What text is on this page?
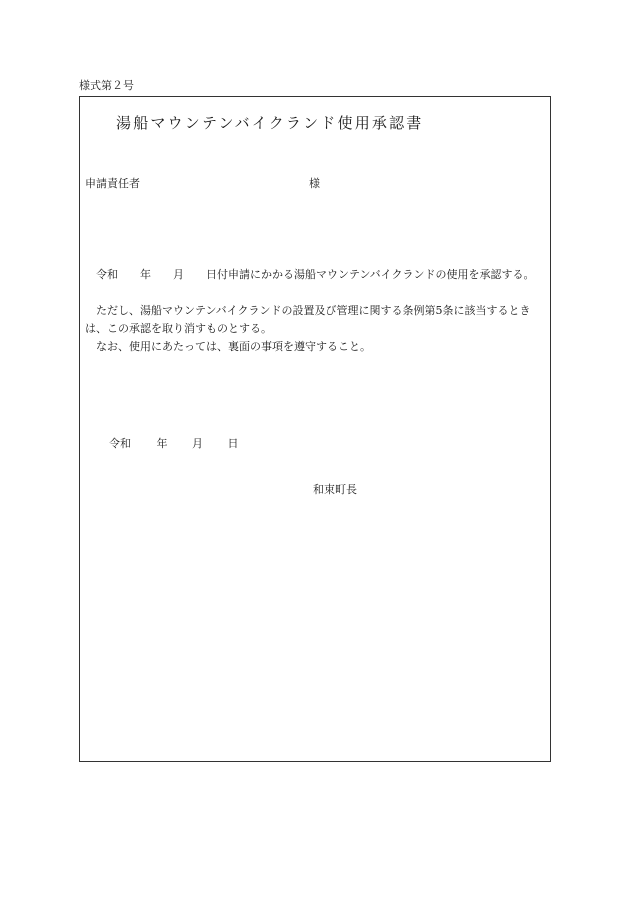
様式第２号
湯船マウンテンバイクランド使用承認書
申請責任者	様

　令和　　年　　月　　日付申請にかかる湯船マウンテンバイクランドの使用を承認する。

　ただし、湯船マウンテンバイクランドの設置及び管理に関する条例第5条に該当するときは、この承認を取り消すものとする。

　なお、使用にあたっては、裏面の事項を遵守すること。

令和 年 月 日
和束町長
